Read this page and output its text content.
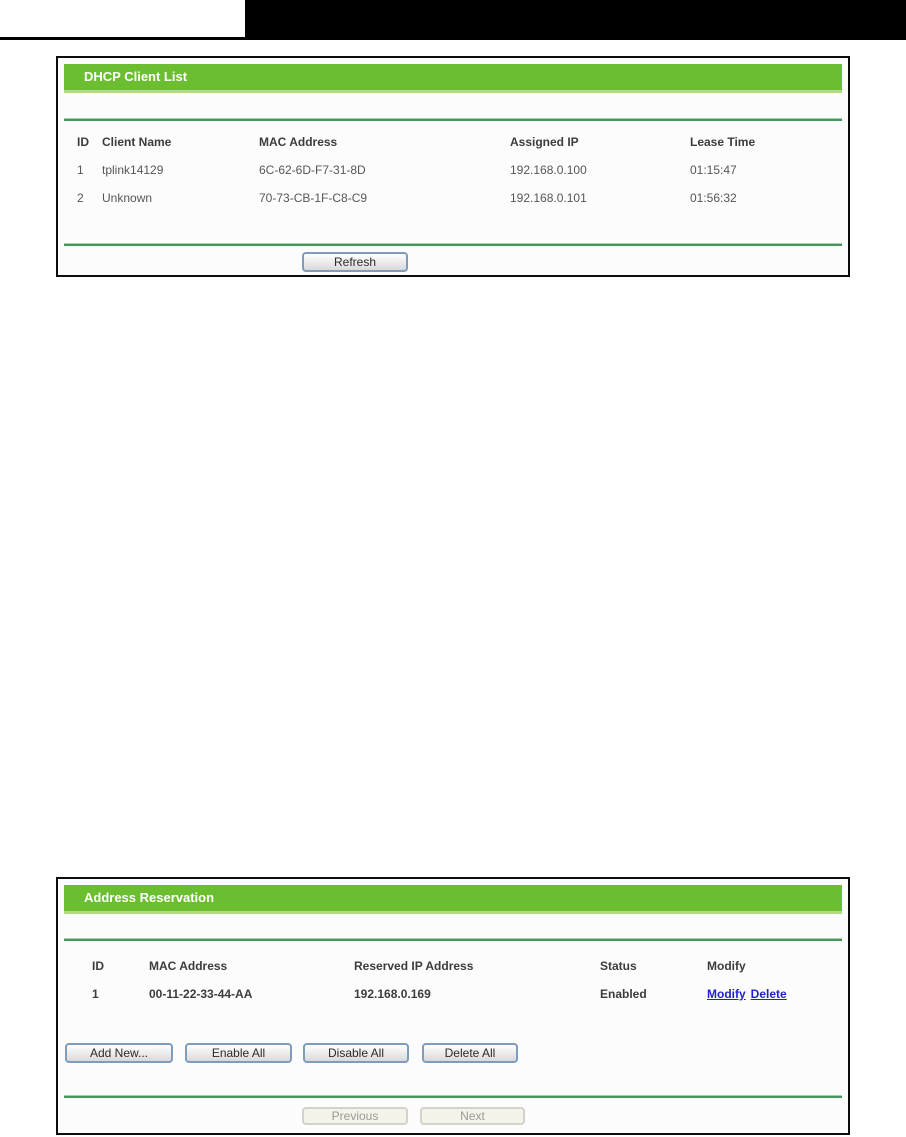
DHCP Client List
ID	Client Name	MAC Address	Assigned IP	Lease Time
1	tplink14129	6C-62-6D-F7-31-8D	192.168.0.100	01:15:47
2	Unknown	70-73-CB-1F-C8-C9	192.168.0.101	01:56:32
Refresh
Address Reservation
ID	MAC Address	Reserved IP Address	Status	Modify
1	00-11-22-33-44-AA	192.168.0.169	Enabled	Modify Delete
Add New...	Enable All	Disable All	Delete All
Previous	Next
